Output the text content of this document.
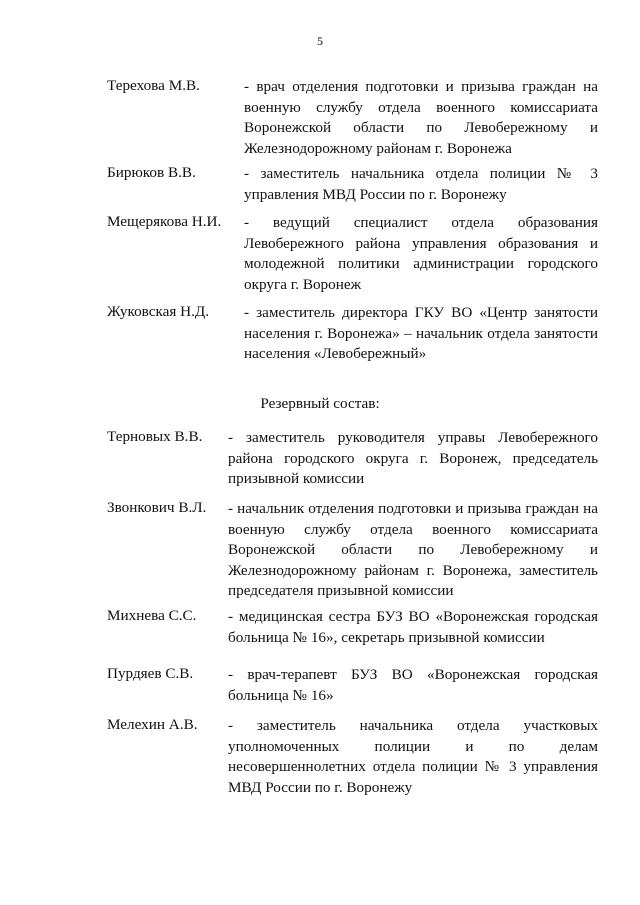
5
Терехова М.В.	- врач отделения подготовки и призыва граждан на военную службу отдела военного комиссариата Воронежской области по Левобережному и Железнодорожному районам г. Воронежа
Бирюков В.В.	- заместитель начальника отдела полиции № 3 управления МВД России по г. Воронежу
Мещерякова Н.И. - ведущий специалист отдела образования Левобережного района управления образования и молодежной политики администрации городского округа г. Воронеж
Жуковская Н.Д. - заместитель директора ГКУ ВО «Центр занятости населения г. Воронежа» – начальник отдела занятости населения «Левобережный»
Резервный состав:
Терновых В.В. - заместитель руководителя управы Левобережного района городского округа г. Воронеж, председатель призывной комиссии
Звонкович В.Л. - начальник отделения подготовки и призыва граждан на военную службу отдела военного комиссариата Воронежской области по Левобережному и Железнодорожному районам г. Воронежа, заместитель председателя призывной комиссии
Михнева С.С. - медицинская сестра БУЗ ВО «Воронежская городская больница № 16», секретарь призывной комиссии
Пурдяев С.В. - врач-терапевт БУЗ ВО «Воронежская городская больница № 16»
Мелехин А.В. - заместитель начальника отдела участковых уполномоченных полиции и по делам несовершеннолетних отдела полиции № 3 управления МВД России по г. Воронежу
